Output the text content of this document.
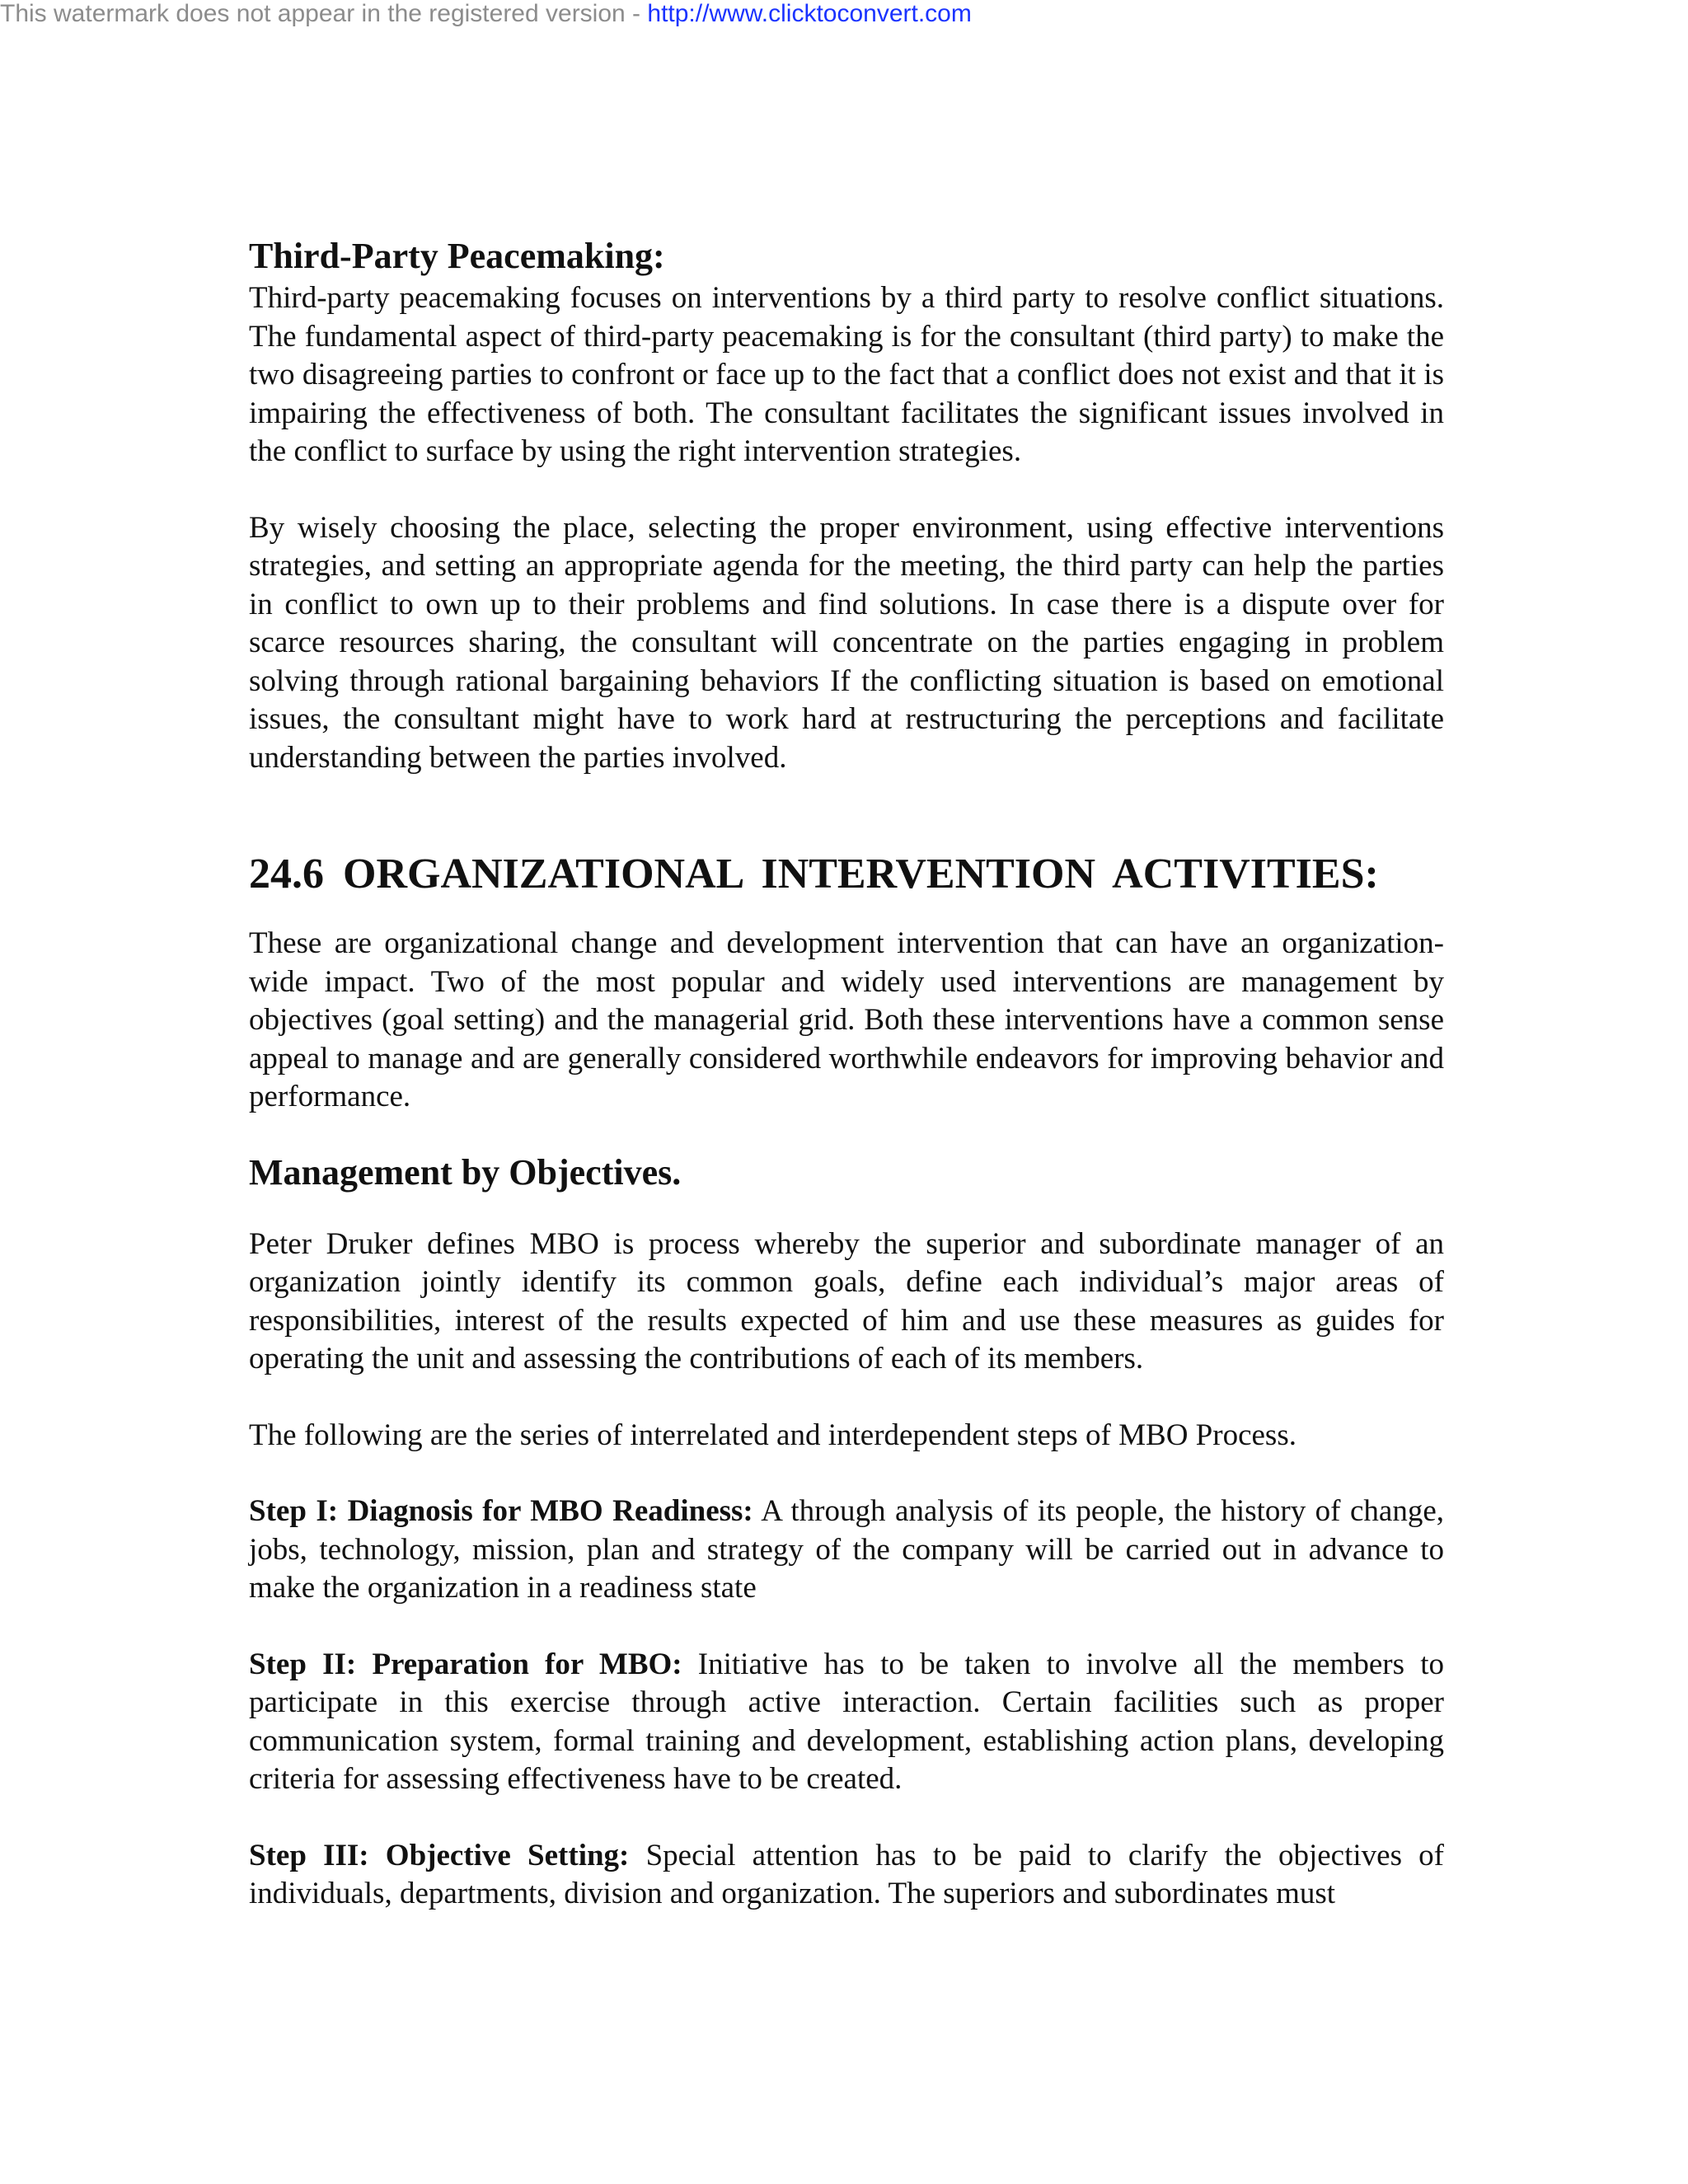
This watermark does not appear in the registered version - http://www.clicktoconvert.com
Third-Party Peacemaking:

Third-party peacemaking focuses on interventions by a third party to resolve conflict situations. The fundamental aspect of third-party peacemaking is for the consultant (third party) to make the two disagreeing parties to confront or face up to the fact that a conflict does not exist and that it is impairing the effectiveness of both. The consultant facilitates the significant issues involved in the conflict to surface by using the right intervention strategies.

By wisely choosing the place, selecting the proper environment, using effective interventions strategies, and setting an appropriate agenda for the meeting, the third party can help the parties in conflict to own up to their problems and find solutions. In case there is a dispute over for scarce resources sharing, the consultant will concentrate on the parties engaging in problem solving through rational bargaining behaviors If the conflicting situation is based on emotional issues, the consultant might have to work hard at restructuring the perceptions and facilitate understanding between the parties involved.

24.6 ORGANIZATIONAL INTERVENTION ACTIVITIES:

These are organizational change and development intervention that can have an organization-wide impact. Two of the most popular and widely used interventions are management by objectives (goal setting) and the managerial grid. Both these interventions have a common sense appeal to manage and are generally considered worthwhile endeavors for improving behavior and performance.

Management by Objectives.

Peter Druker defines MBO is process whereby the superior and subordinate manager of an organization jointly identify its common goals, define each individual’s major areas of responsibilities, interest of the results expected of him and use these measures as guides for operating the unit and assessing the contributions of each of its members.

The following are the series of interrelated and interdependent steps of MBO Process.

Step I: Diagnosis for MBO Readiness: A through analysis of its people, the history of change, jobs, technology, mission, plan and strategy of the company will be carried out in advance to make the organization in a readiness state

Step II: Preparation for MBO: Initiative has to be taken to involve all the members to participate in this exercise through active interaction. Certain facilities such as proper communication system, formal training and development, establishing action plans, developing criteria for assessing effectiveness have to be created.

Step III: Objective Setting: Special attention has to be paid to clarify the objectives of individuals, departments, division and organization. The superiors and subordinates must
